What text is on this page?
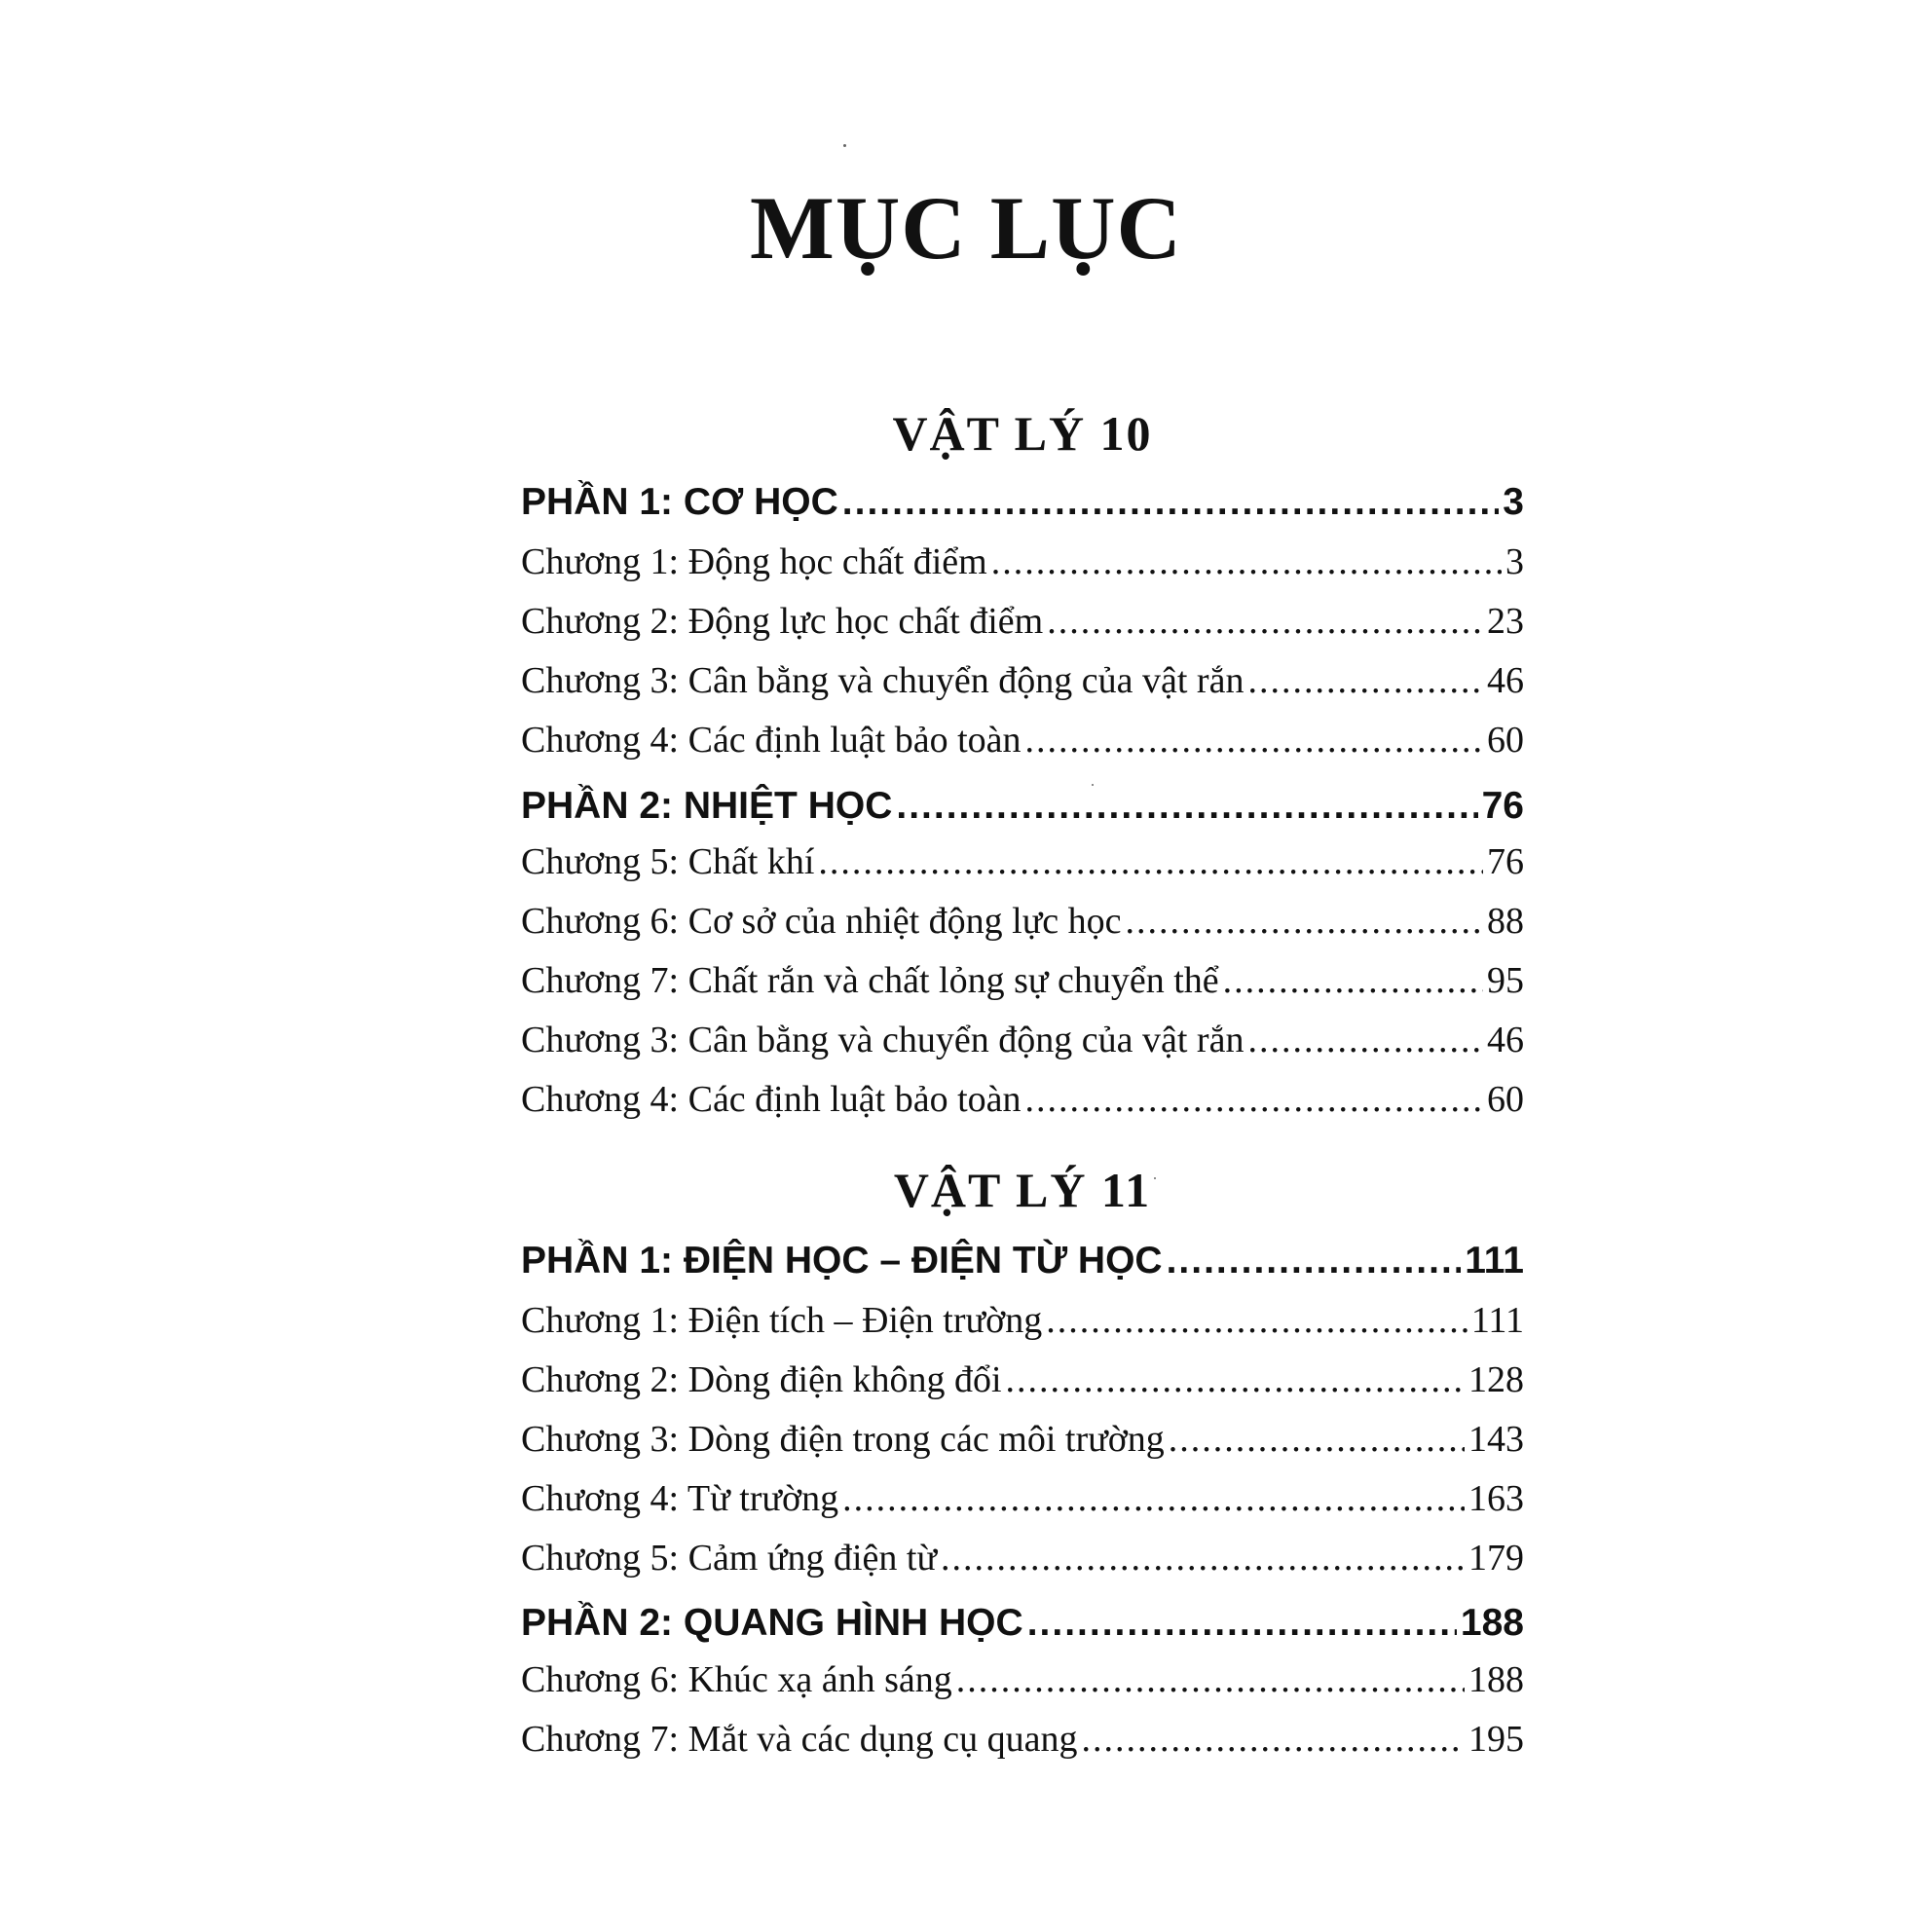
MỤC LỤC
VẬT LÝ 10
PHẦN 1: CƠ HỌC .....	3
Chương 1: Động học chất điểm .....	3
Chương 2: Động lực học chất điểm .....	23
Chương 3: Cân bằng và chuyển động của vật rắn .....	46
Chương 4: Các định luật bảo toàn .....	60
PHẦN 2: NHIỆT HỌC .....	76
Chương 5: Chất khí .....	76
Chương 6: Cơ sở của nhiệt động lực học .....	88
Chương 7: Chất rắn và chất lỏng sự chuyển thể .....	95
Chương 3: Cân bằng và chuyển động của vật rắn .....	46
Chương 4: Các định luật bảo toàn .....	60
VẬT LÝ 11
PHẦN 1: ĐIỆN HỌC – ĐIỆN TỪ HỌC .....	111
Chương 1: Điện tích – Điện trường .....	111
Chương 2: Dòng điện không đổi .....	128
Chương 3: Dòng điện trong các môi trường .....	143
Chương 4: Từ trường .....	163
Chương 5: Cảm ứng điện từ .....	179
PHẦN 2: QUANG HÌNH HỌC .....	188
Chương 6: Khúc xạ ánh sáng .....	188
Chương 7: Mắt và các dụng cụ quang .....	195
